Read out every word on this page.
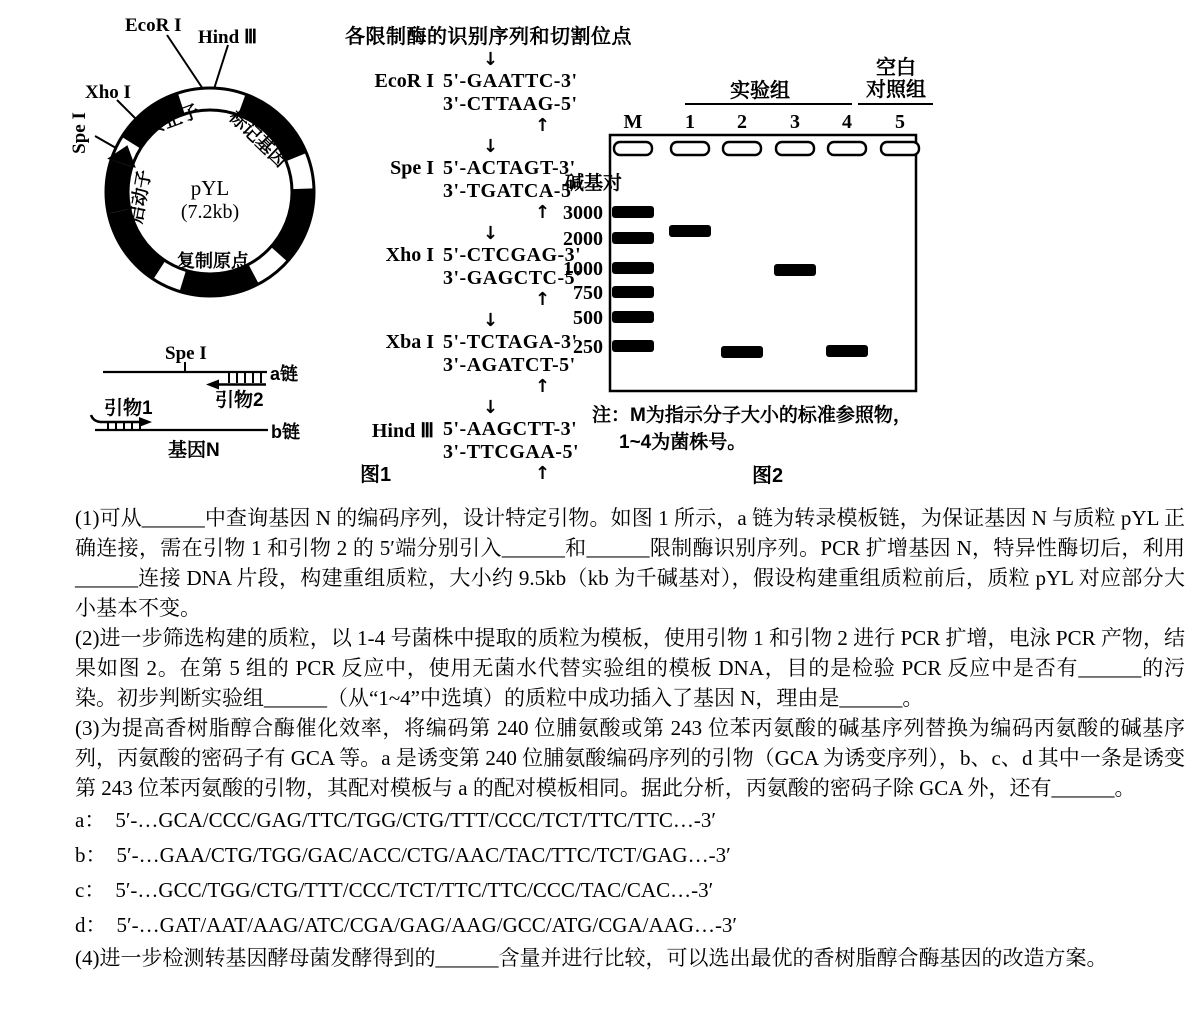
EcoR I
Hind Ⅲ
Xho I
Spe I	终止子 标记基因
启动子
复制原点
pYL
(7.2kb)
Spe I
a链
引物2
引物1
b链
基因N
各限制酶的识别序列和切割位点
EcoR I
↓
5'-GAATTC-3'
3'-CTTAAG-5'
↑
Spe I
↓
5'-ACTAGT-3'
3'-TGATCA-5'
↑
Xho I
↓
5'-CTCGAG-3'
3'-GAGCTC-5'
↑
Xba I
↓
5'-TCTAGA-3'
3'-AGATCT-5'
↑
Hind Ⅲ
↓
5'-AAGCTT-3'
3'-TTCGAA-5'
↑
图1
实验组
空白
对照组
M 1 2 3 4 5
碱基对
3000
2000
1000
750
500
250
注：M为指示分子大小的标准参照物，
1~4为菌株号。
图2

(1)可从______中查询基因 N 的编码序列，设计特定引物。如图 1 所示，a 链为转录模板链，为保证基因 N 与质粒 pYL 正确连接，需在引物 1 和引物 2 的 5′端分别引入______和______限制酶识别序列。PCR 扩增基因 N，特异性酶切后，利用______连接 DNA 片段，构建重组质粒，大小约 9.5kb（kb 为千碱基对），假设构建重组质粒前后，质粒 pYL 对应部分大小基本不变。

(2)进一步筛选构建的质粒，以 1-4 号菌株中提取的质粒为模板，使用引物 1 和引物 2 进行 PCR 扩增，电泳 PCR 产物，结果如图 2。在第 5 组的 PCR 反应中，使用无菌水代替实验组的模板 DNA，目的是检验 PCR 反应中是否有______的污染。初步判断实验组______（从“1~4”中选填）的质粒中成功插入了基因 N，理由是______。

(3)为提高香树脂醇合酶催化效率，将编码第 240 位脯氨酸或第 243 位苯丙氨酸的碱基序列替换为编码丙氨酸的碱基序列，丙氨酸的密码子有 GCA 等。a 是诱变第 240 位脯氨酸编码序列的引物（GCA 为诱变序列），b、c、d 其中一条是诱变第 243 位苯丙氨酸的引物，其配对模板与 a 的配对模板相同。据此分析，丙氨酸的密码子除 GCA 外，还有______。

a： 5′-…GCA/CCC/GAG/TTC/TGG/CTG/TTT/CCC/TCT/TTC/TTC…-3′
b： 5′-…GAA/CTG/TGG/GAC/ACC/CTG/AAC/TAC/TTC/TCT/GAG…-3′
c： 5′-…GCC/TGG/CTG/TTT/CCC/TCT/TTC/TTC/CCC/TAC/CAC…-3′
d： 5′-…GAT/AAT/AAG/ATC/CGA/GAG/AAG/GCC/ATG/CGA/AAG…-3′

(4)进一步检测转基因酵母菌发酵得到的______含量并进行比较，可以选出最优的香树脂醇合酶基因的改造方案。
